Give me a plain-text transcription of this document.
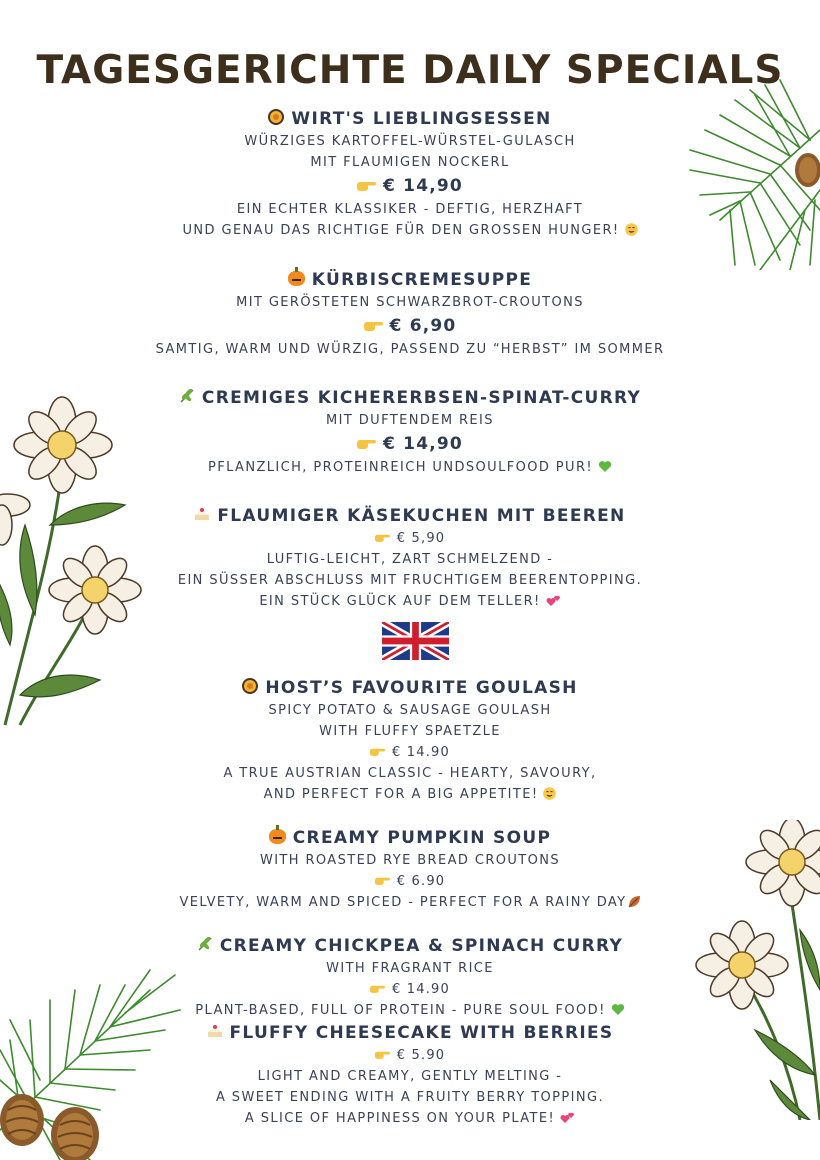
TAGESGERICHTE DAILY SPECIALS
WIRT'S LIEBLINGSESSEN
WÜRZIGES KARTOFFEL-WÜRSTEL-GULASCH
MIT FLAUMIGEN NOCKERL
€ 14,90
EIN ECHTER KLASSIKER - DEFTIG, HERZHAFT
UND GENAU DAS RICHTIGE FÜR DEN GROSSEN HUNGER!
KÜRBISCREMESUPPE
MIT GERÖSTETEN SCHWARZBROT-CROUTONS
€ 6,90
SAMTIG, WARM UND WÜRZIG, PASSEND ZU “HERBST” IM SOMMER
CREMIGES KICHERERBSEN-SPINAT-CURRY
MIT DUFTENDEM REIS
€ 14,90
PFLANZLICH, PROTEINREICH UNDSOULFOOD PUR!
FLAUMIGER KÄSEKUCHEN MIT BEEREN
€ 5,90
LUFTIG-LEICHT, ZART SCHMELZEND -
EIN SÜSSER ABSCHLUSS MIT FRUCHTIGEM BEERENTOPPING.
EIN STÜCK GLÜCK AUF DEM TELLER!
HOST’S FAVOURITE GOULASH
SPICY POTATO & SAUSAGE GOULASH
WITH FLUFFY SPAETZLE
€ 14.90
A TRUE AUSTRIAN CLASSIC - HEARTY, SAVOURY,
AND PERFECT FOR A BIG APPETITE!
CREAMY PUMPKIN SOUP
WITH ROASTED RYE BREAD CROUTONS
€ 6.90
VELVETY, WARM AND SPICED - PERFECT FOR A RAINY DAY
CREAMY CHICKPEA & SPINACH CURRY
WITH FRAGRANT RICE
€ 14.90
PLANT-BASED, FULL OF PROTEIN - PURE SOUL FOOD!
FLUFFY CHEESECAKE WITH BERRIES
€ 5.90
LIGHT AND CREAMY, GENTLY MELTING -
A SWEET ENDING WITH A FRUITY BERRY TOPPING.
A SLICE OF HAPPINESS ON YOUR PLATE!
